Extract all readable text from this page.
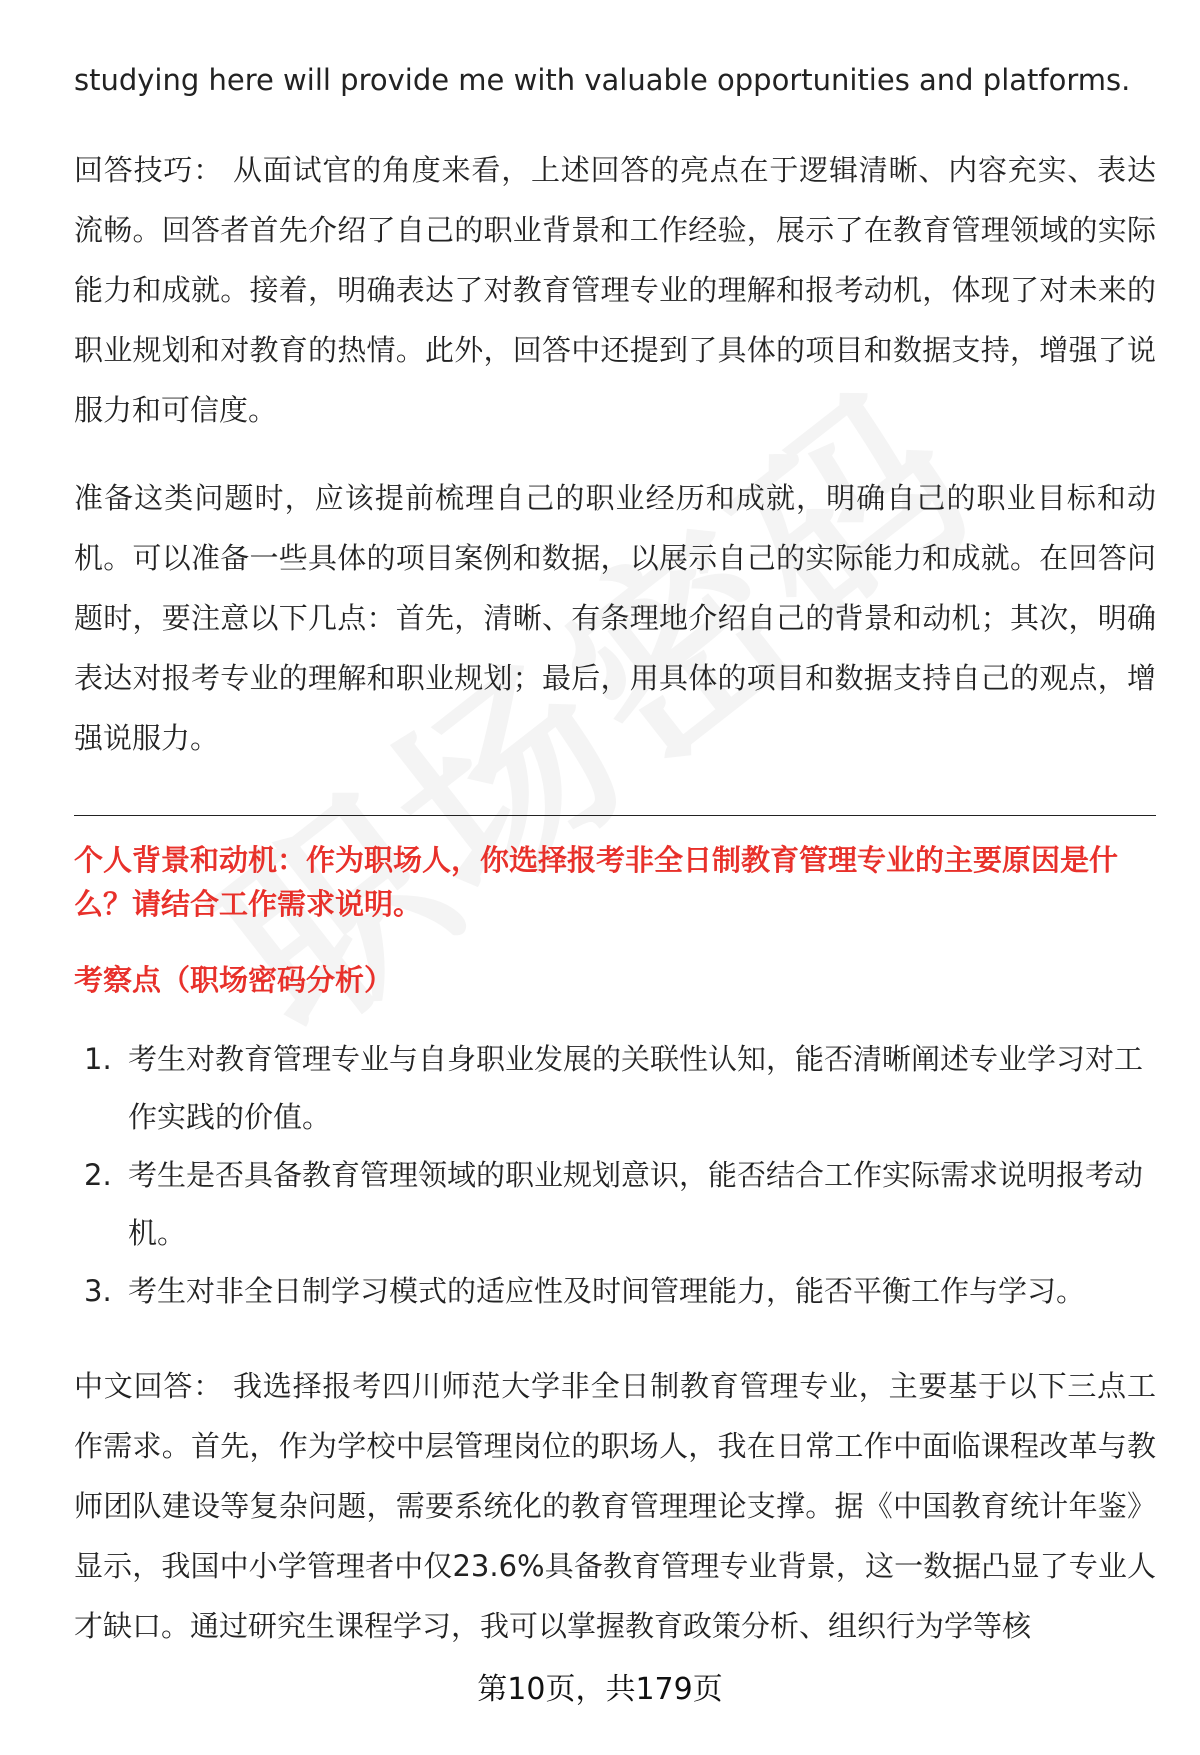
studying here will provide me with valuable opportunities and platforms.

回答技巧： 从面试官的角度来看，上述回答的亮点在于逻辑清晰、内容充实、表达流畅。回答者首先介绍了自己的职业背景和工作经验，展示了在教育管理领域的实际能力和成就。接着，明确表达了对教育管理专业的理解和报考动机，体现了对未来的职业规划和对教育的热情。此外，回答中还提到了具体的项目和数据支持，增强了说服力和可信度。

准备这类问题时，应该提前梳理自己的职业经历和成就，明确自己的职业目标和动机。可以准备一些具体的项目案例和数据，以展示自己的实际能力和成就。在回答问题时，要注意以下几点：首先，清晰、有条理地介绍自己的背景和动机；其次，明确表达对报考专业的理解和职业规划；最后，用具体的项目和数据支持自己的观点，增强说服力。

个人背景和动机：作为职场人，你选择报考非全日制教育管理专业的主要原因是什么？请结合工作需求说明。

考察点（职场密码分析）

1. 考生对教育管理专业与自身职业发展的关联性认知，能否清晰阐述专业学习对工作实践的价值。
2. 考生是否具备教育管理领域的职业规划意识，能否结合工作实际需求说明报考动机。
3. 考生对非全日制学习模式的适应性及时间管理能力，能否平衡工作与学习。

中文回答： 我选择报考四川师范大学非全日制教育管理专业，主要基于以下三点工作需求。首先，作为学校中层管理岗位的职场人，我在日常工作中面临课程改革与教师团队建设等复杂问题，需要系统化的教育管理理论支撑。据《中国教育统计年鉴》显示，我国中小学管理者中仅23.6%具备教育管理专业背景，这一数据凸显了专业人才缺口。通过研究生课程学习，我可以掌握教育政策分析、组织行为学等核

第10页，共179页
